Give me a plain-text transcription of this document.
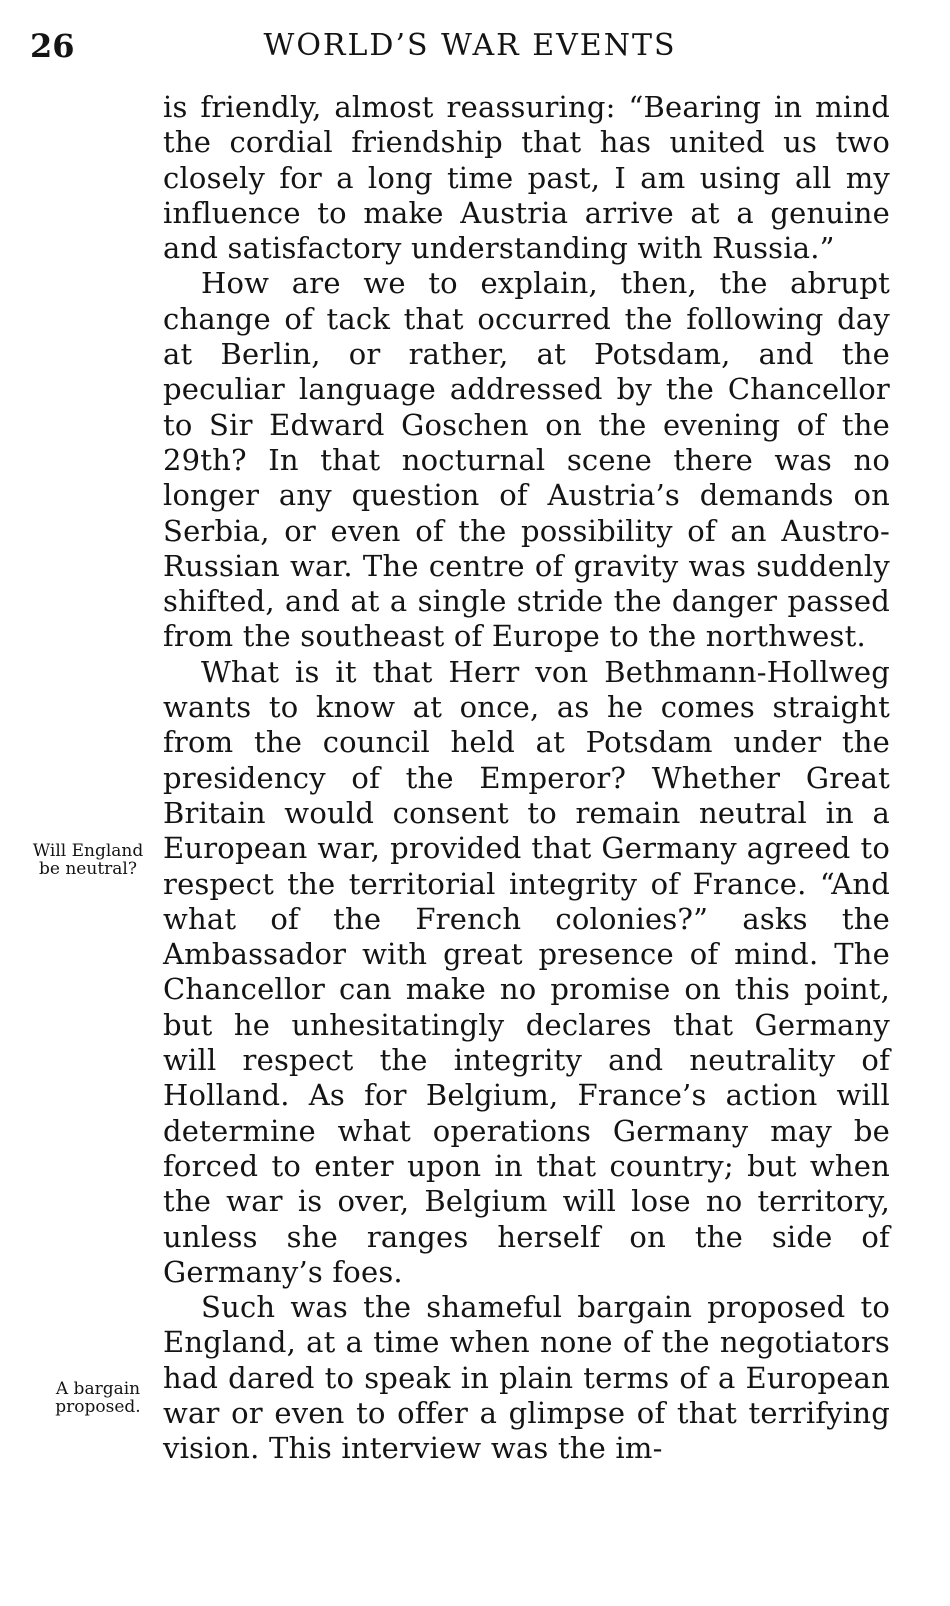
26	WORLD’S WAR EVENTS

is friendly, almost reassuring: “Bearing in mind the cordial friendship that has united us two closely for a long time past, I am using all my influence to make Austria arrive at a genuine and satisfactory understanding with Russia.”

How are we to explain, then, the abrupt change of tack that occurred the following day at Berlin, or rather, at Potsdam, and the peculiar language addressed by the Chancellor to Sir Edward Goschen on the evening of the 29th? In that nocturnal scene there was no longer any question of Austria’s demands on Serbia, or even of the possibility of an Austro-Russian war. The centre of gravity was suddenly shifted, and at a single stride the danger passed from the southeast of Europe to the northwest.

What is it that Herr von Bethmann-Hollweg wants to know at once, as he comes straight from the council held at Potsdam under the presidency of the Emperor? Whether Great Britain would consent to remain neutral in a European war, provided that Germany agreed to respect the territorial integrity of France. “And what of the French colonies?” asks the Ambassador with great presence of mind. The Chancellor can make no promise on this point, but he unhesitatingly declares that Germany will respect the integrity and neutrality of Holland. As for Belgium, France’s action will determine what operations Germany may be forced to enter upon in that country; but when the war is over, Belgium will lose no territory, unless she ranges herself on the side of Germany’s foes.

Such was the shameful bargain proposed to England, at a time when none of the negotiators had dared to speak in plain terms of a European war or even to offer a glimpse of that terrifying vision. This interview was the im-

Will England be neutral?
A bargain proposed.
